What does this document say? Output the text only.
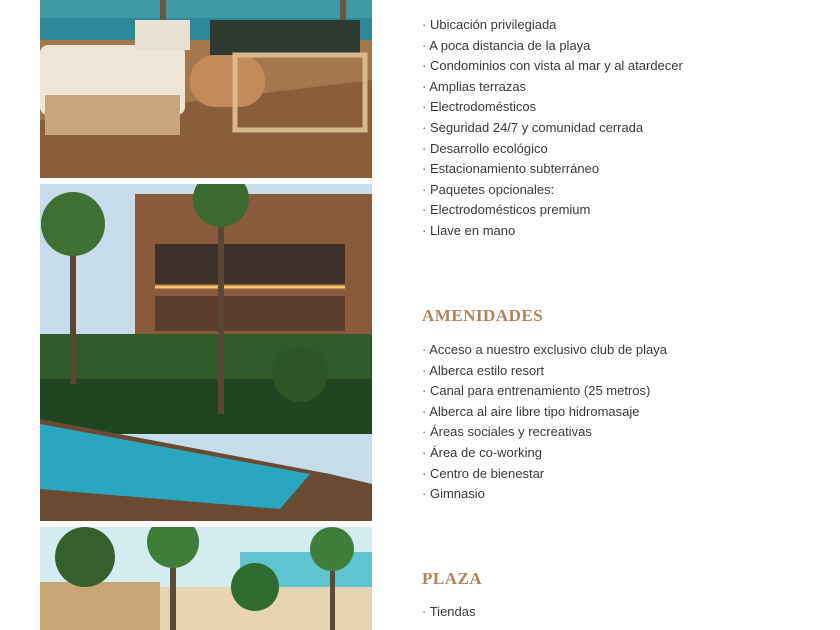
· Ubicación privilegiada
· A poca distancia de la playa
· Condominios con vista al mar y al atardecer
· Amplias terrazas
· Electrodomésticos
· Seguridad 24/7 y comunidad cerrada
· Desarrollo ecológico
· Estacionamiento subterráneo
· Paquetes opcionales:
· Electrodomésticos premium
· Llave en mano
AMENIDADES
· Acceso a nuestro exclusivo club de playa
· Alberca estilo resort
· Canal para entrenamiento (25 metros)
· Alberca al aire libre tipo hidromasaje
· Áreas sociales y recreativas
· Área de co-working
· Centro de bienestar
· Gimnasio
PLAZA
· Tiendas
